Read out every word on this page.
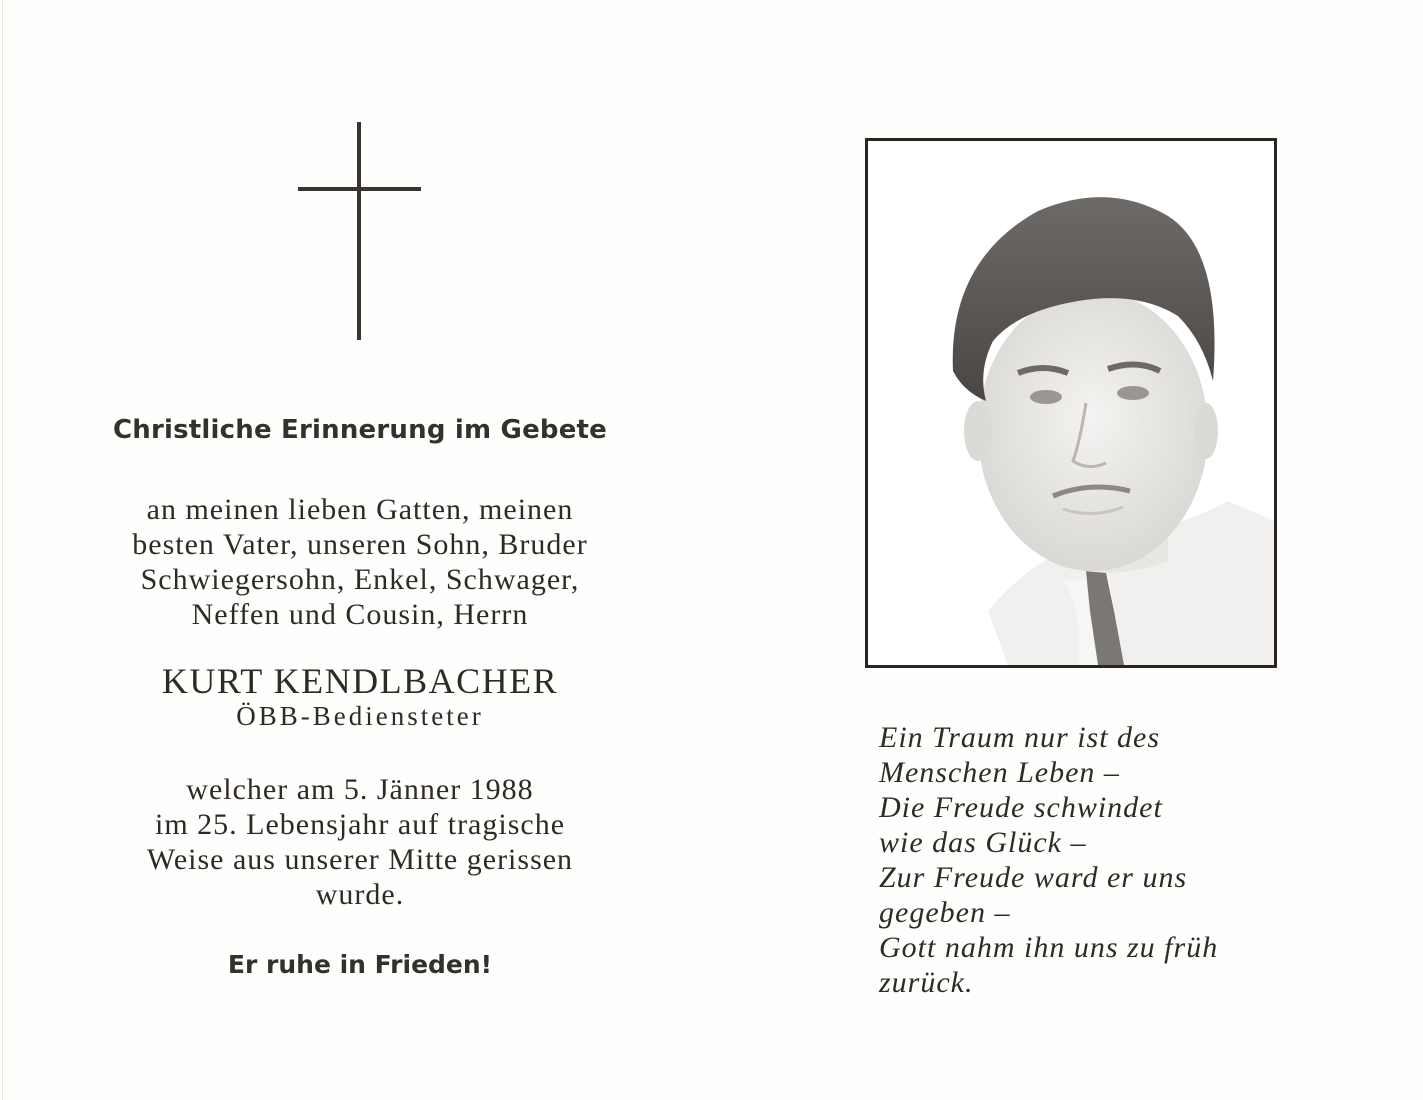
Christliche Erinnerung im Gebete
an meinen lieben Gatten, meinen
besten Vater, unseren Sohn, Bruder
Schwiegersohn, Enkel, Schwager,
Neffen und Cousin, Herrn
KURT KENDLBACHER
ÖBB-Bediensteter
welcher am 5. Jänner 1988
im 25. Lebensjahr auf tragische
Weise aus unserer Mitte gerissen
wurde.
Er ruhe in Frieden!
Ein Traum nur ist des
Menschen Leben –
Die Freude schwindet
wie das Glück –
Zur Freude ward er uns
gegeben –
Gott nahm ihn uns zu früh
zurück.
